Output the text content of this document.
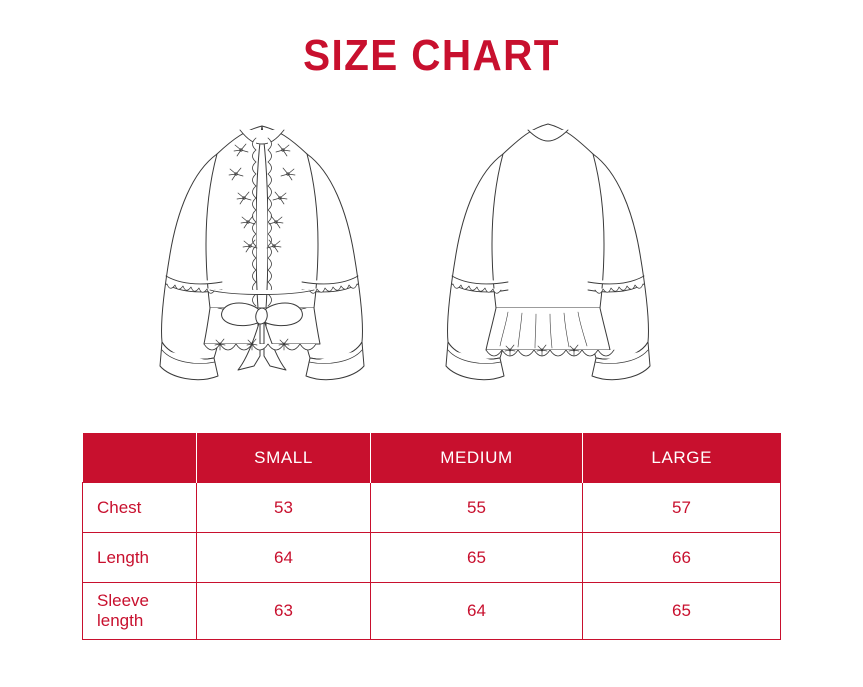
SIZE CHART
	SMALL	MEDIUM	LARGE
Chest	53	55	57
Length	64	65	66
Sleeve length	63	64	65
